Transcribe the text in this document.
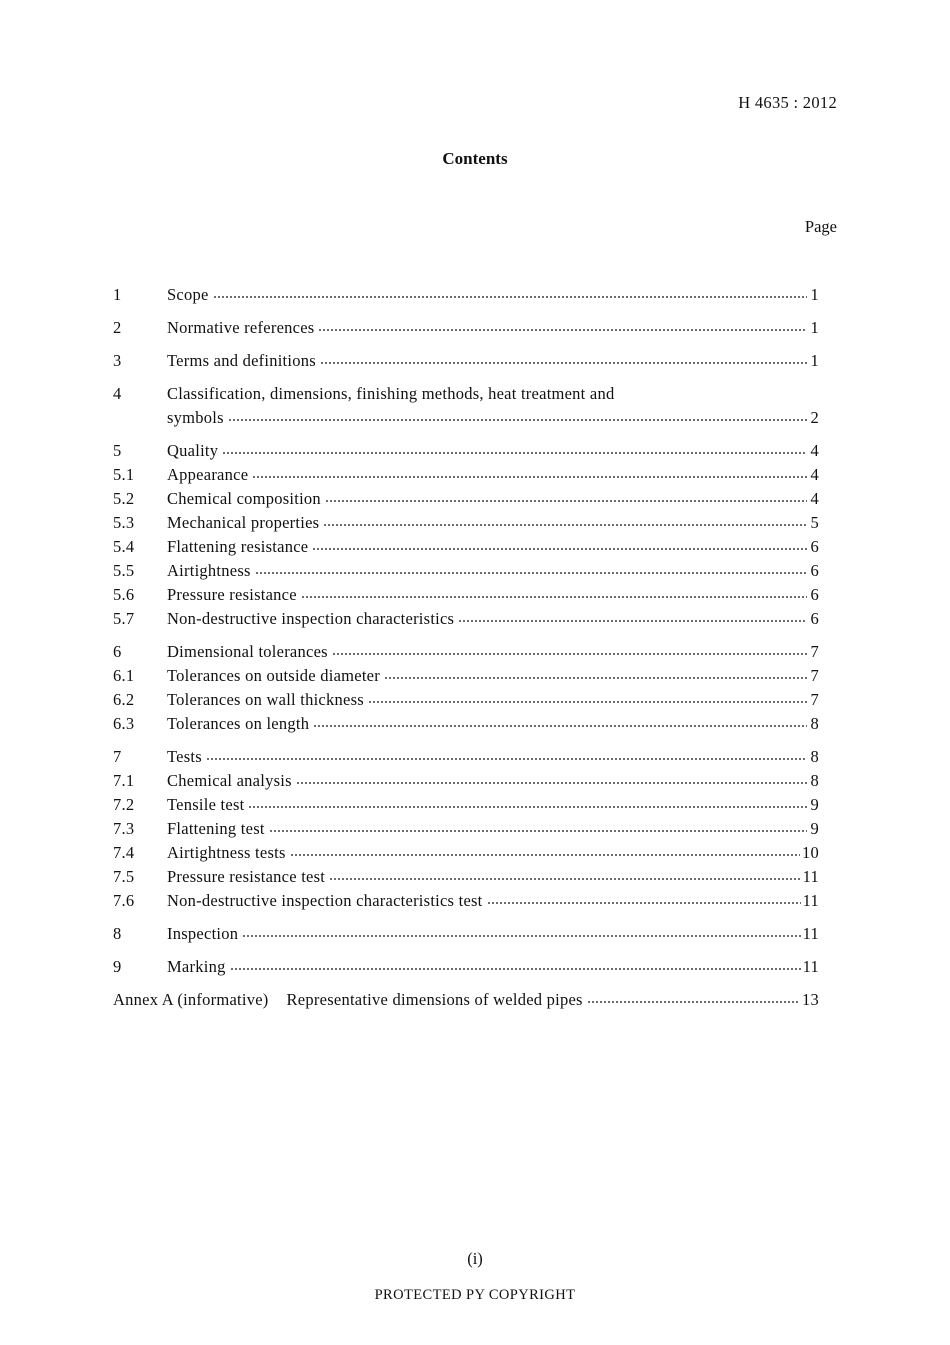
H 4635 : 2012
Contents
Page
1	Scope	1
2	Normative references	1
3	Terms and definitions	1
4	Classification, dimensions, finishing methods, heat treatment and
symbols	2
5	Quality	4
5.1	Appearance	4
5.2	Chemical composition	4
5.3	Mechanical properties	5
5.4	Flattening resistance	6
5.5	Airtightness	6
5.6	Pressure resistance	6
5.7	Non-destructive inspection characteristics	6
6	Dimensional tolerances	7
6.1	Tolerances on outside diameter	7
6.2	Tolerances on wall thickness	7
6.3	Tolerances on length	8
7	Tests	8
7.1	Chemical analysis	8
7.2	Tensile test	9
7.3	Flattening test	9
7.4	Airtightness tests	10
7.5	Pressure resistance test	11
7.6	Non-destructive inspection characteristics test	11
8	Inspection	11
9	Marking	11
Annex A (informative)	Representative dimensions of welded pipes	13
(i)
PROTECTED PY COPYRIGHT
